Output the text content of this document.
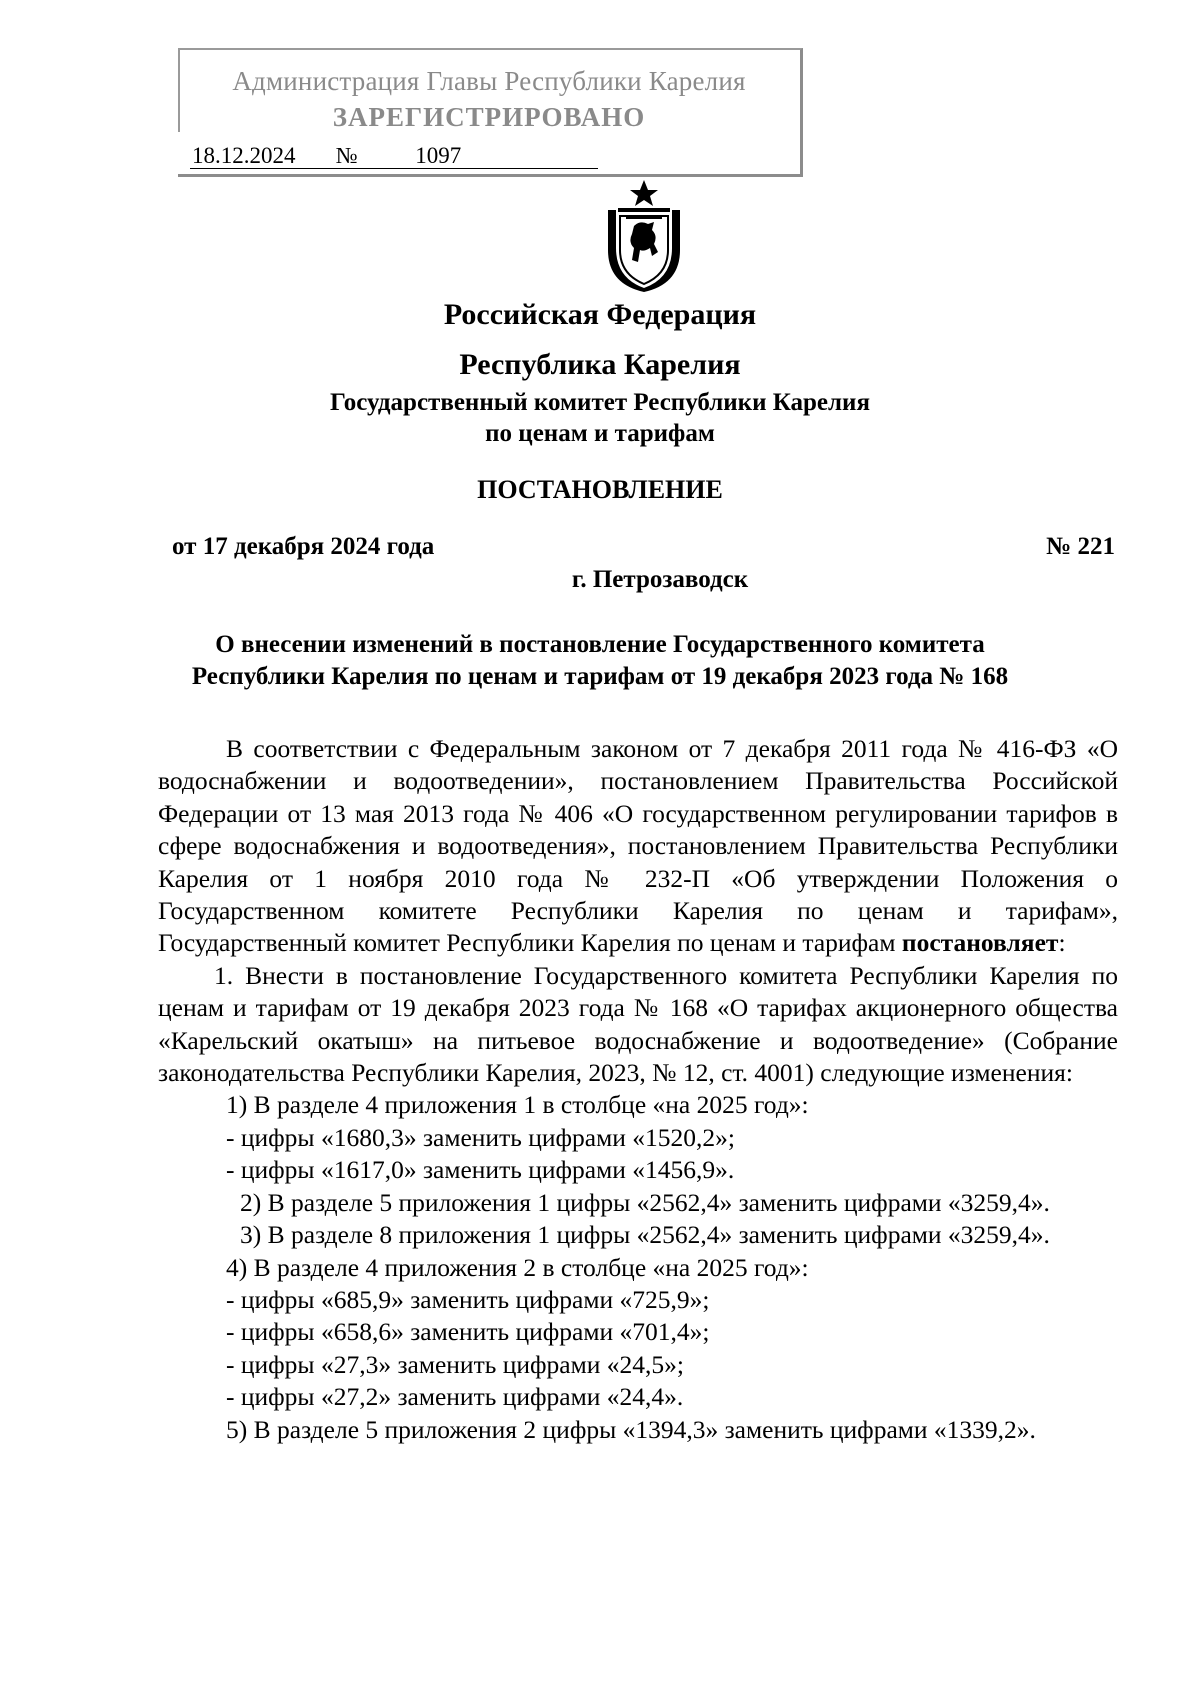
Администрация Главы Республики Карелия
ЗАРЕГИСТРИРОВАНО
18.12.2024 №	1097
Российская Федерация
Республика Карелия
Государственный комитет Республики Карелия
по ценам и тарифам
ПОСТАНОВЛЕНИЕ
от 17 декабря 2024 года	№ 221
г. Петрозаводск
О внесении изменений в постановление Государственного комитета
Республики Карелия по ценам и тарифам от 19 декабря 2023 года № 168

В соответствии с Федеральным законом от 7 декабря 2011 года № 416-ФЗ «О водоснабжении и водоотведении», постановлением Правительства Российской Федерации от 13 мая 2013 года № 406 «О государственном регулировании тарифов в сфере водоснабжения и водоотведения», постановлением Правительства Республики Карелия от 1 ноября 2010 года № 232-П «Об утверждении Положения о Государственном комитете Республики Карелия по ценам и тарифам», Государственный комитет Республики Карелия по ценам и тарифам постановляет:

1. Внести в постановление Государственного комитета Республики Карелия по ценам и тарифам от 19 декабря 2023 года № 168 «О тарифах акционерного общества «Карельский окатыш» на питьевое водоснабжение и водоотведение» (Собрание законодательства Республики Карелия, 2023, № 12, ст. 4001) следующие изменения:

1) В разделе 4 приложения 1 в столбце «на 2025 год»:

- цифры «1680,3» заменить цифрами «1520,2»;

- цифры «1617,0» заменить цифрами «1456,9».

2) В разделе 5 приложения 1 цифры «2562,4» заменить цифрами «3259,4».

3) В разделе 8 приложения 1 цифры «2562,4» заменить цифрами «3259,4».

4) В разделе 4 приложения 2 в столбце «на 2025 год»:

- цифры «685,9» заменить цифрами «725,9»;

- цифры «658,6» заменить цифрами «701,4»;

- цифры «27,3» заменить цифрами «24,5»;

- цифры «27,2» заменить цифрами «24,4».

5) В разделе 5 приложения 2 цифры «1394,3» заменить цифрами «1339,2».
